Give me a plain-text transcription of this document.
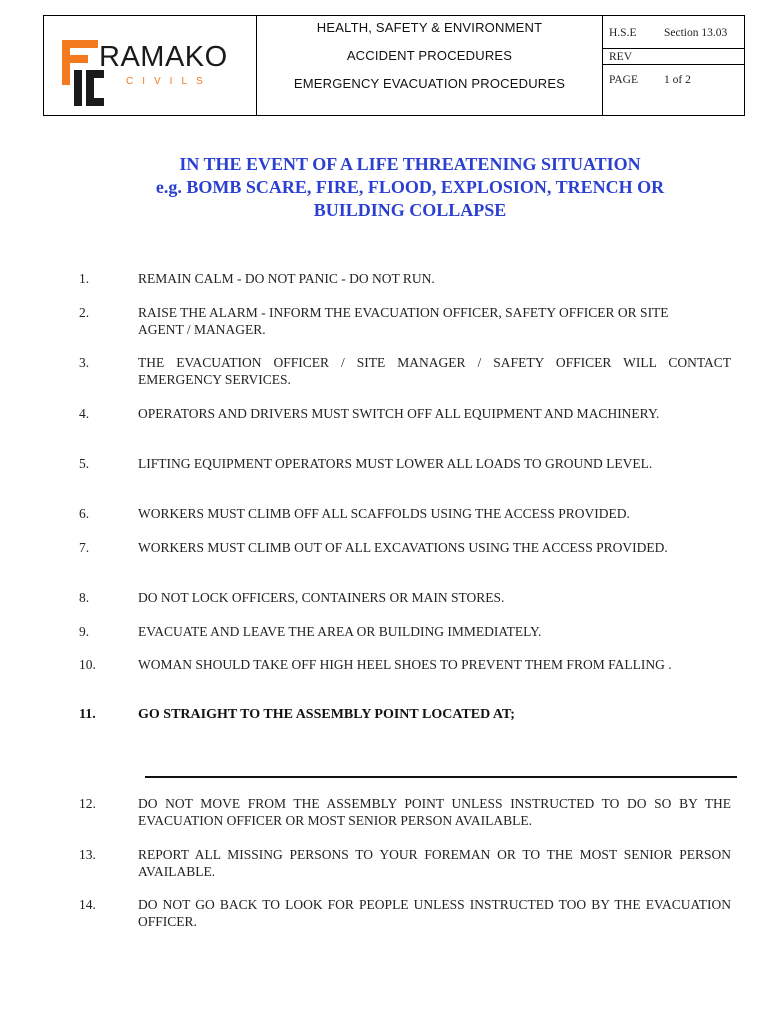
RAMAKO
CIVILS
HEALTH, SAFETY & ENVIRONMENT
ACCIDENT PROCEDURES
EMERGENCY EVACUATION PROCEDURES
H.S.E Section 13.03
REV
PAGE 1 of 2
IN THE EVENT OF A LIFE THREATENING SITUATION
e.g. BOMB SCARE, FIRE, FLOOD, EXPLOSION, TRENCH OR
BUILDING COLLAPSE
1.	REMAIN CALM - DO NOT PANIC - DO NOT RUN.
2.	RAISE THE ALARM - INFORM THE EVACUATION OFFICER, SAFETY OFFICER OR SITE AGENT / MANAGER.
3.	THE EVACUATION OFFICER / SITE MANAGER / SAFETY OFFICER WILL CONTACT EMERGENCY SERVICES.
4.	OPERATORS AND DRIVERS MUST SWITCH OFF ALL EQUIPMENT AND MACHINERY.
5.	LIFTING EQUIPMENT OPERATORS MUST LOWER ALL LOADS TO GROUND LEVEL.
6.	WORKERS MUST CLIMB OFF ALL SCAFFOLDS USING THE ACCESS PROVIDED.
7.	WORKERS MUST CLIMB OUT OF ALL EXCAVATIONS USING THE ACCESS PROVIDED.
8.	DO NOT LOCK OFFICERS, CONTAINERS OR MAIN STORES.
9.	EVACUATE AND LEAVE THE AREA OR BUILDING IMMEDIATELY.
10.	WOMAN SHOULD TAKE OFF HIGH HEEL SHOES TO PREVENT THEM FROM FALLING .
11.	GO STRAIGHT TO THE ASSEMBLY POINT LOCATED AT;
12.	DO NOT MOVE FROM THE ASSEMBLY POINT UNLESS INSTRUCTED TO DO SO BY THE EVACUATION OFFICER OR MOST SENIOR PERSON AVAILABLE.
13.	REPORT ALL MISSING PERSONS TO YOUR FOREMAN OR TO THE MOST SENIOR PERSON AVAILABLE.
14.	DO NOT GO BACK TO LOOK FOR PEOPLE UNLESS INSTRUCTED TOO BY THE EVACUATION OFFICER.
